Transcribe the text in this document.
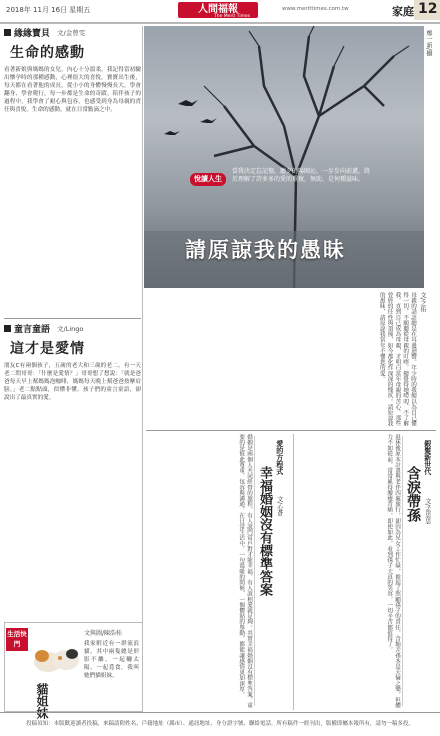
2018年 11月 16日 星期五	人間福報
The Merit Times
www.merittimes.com.tw	家庭 12
緣緣寶貝 文/金曾雯
生命的感動
看著新娘與媽媽的女兒，內心十分溫柔。我記得當初驗出懷孕時的那種感動，心裡很大的喜悅。寶寶出生後，每天都在看著他的成長，從小小的身體慢慢長大，學會翻身、學會爬行，每一步都是生命的奇蹟。陪伴孩子的過程中，我學會了耐心與包容，也感受到身為母親的責任與喜悅。生命的感動，就在日常點滴之中。
童言童語 文/Lingo
這才是愛情
朋友C有兩個孩子，五歲的老大和三歲的老二。有一天老二問哥哥：「什麼是愛情？」哥哥想了想說：「就是爸爸每天早上幫媽媽泡咖啡，媽媽每天晚上幫爸爸按摩肩膀。」老二點點頭，似懂非懂。孩子們的童言童語，卻說出了最真實的愛。
生活快門
文與圖/陳浩桂
我家附近有一群流浪貓，其中兩隻總是形影不離，一起曬太陽、一起覓食，我叫她們貓姐妹。
貓姐妹
鄭一新/攝
悅讀人生
當我決定忘記傷，聽夕的陽圈沁，一步步向前邁，終於理解了許多多的愛的重複，無助，是何種滋味。
請原諒我的愚昧
文/之佑
母親的話語總是在耳邊迴響。年少時的我總以為自己懂得一切，不願聽從母親的叮嚀，總覺得她嘮叨、不了解我。直到自己成為母親，才明白當年母親的苦心。那些曾經的任性與頂撞，如今都化作深深的愧疚。請原諒我的愚昧，請原諒我當年不懂您的愛。
婚姻是兩個人共同經營的旅程。有人說門當戶對才能幸福，有人說相愛就足夠。其實幸福婚姻沒有標準答案，重要的是彼此尊重、包容與溝通。在日常生活中，一句溫暖的問候、一個體貼的舉動，都能讓感情更加深厚。	愛的方程式
文/心蒼
幸福婚姻沒有標準答案	退休後原本計畫與老伴四處旅行，卻因為兒女工作忙碌，擔起了照顧孫子的責任。含飴弄孫本是天倫之樂，但體力不如從前，常常累得腰痠背痛。即使如此，看到孫子天真的笑容，一切辛苦都值得了。	銀髮新世代
文/孟思思
含淚帶孫
投稿須知：本版歡迎讀者投稿，來稿請附姓名、戶籍地址（縣市）、通訊地址、身分證字號、聯絡電話。所有稿件一經刊出，版權即屬本報所有，請勿一稿多投。
